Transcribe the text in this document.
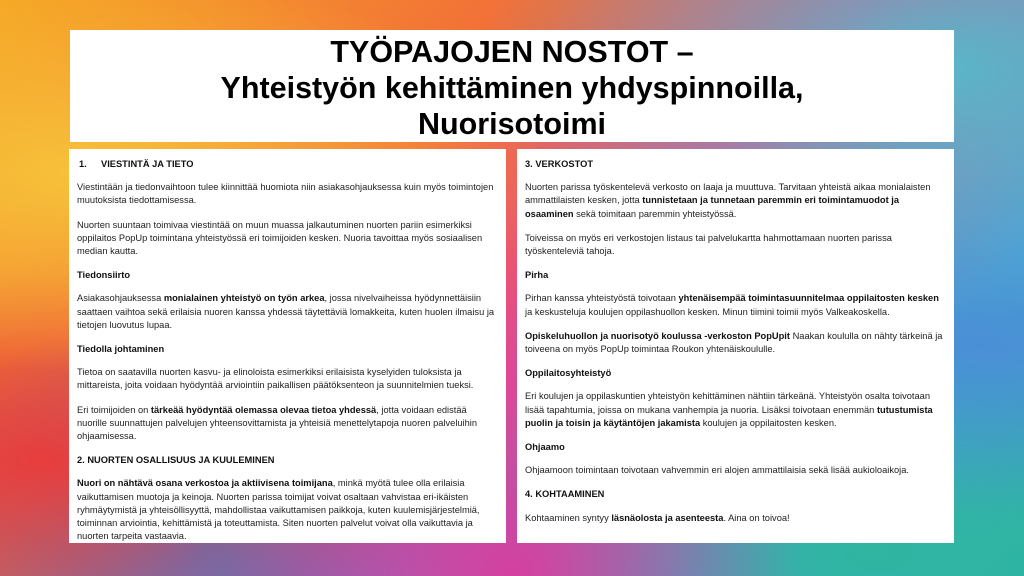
TYÖPAJOJEN NOSTOT –
Yhteistyön kehittäminen yhdyspinnoilla,
Nuorisotoimi

1. VIESTINTÄ JA TIETO

Viestintään ja tiedonvaihtoon tulee kiinnittää huomiota niin asiakasohjauksessa kuin myös toimintojen muutoksista tiedottamisessa.

Nuorten suuntaan toimivaa viestintää on muun muassa jalkautuminen nuorten pariin esimerkiksi oppilaitos PopUp toimintana yhteistyössä eri toimijoiden kesken. Nuoria tavoittaa myös sosiaalisen median kautta.

Tiedonsiirto

Asiakasohjauksessa monialainen yhteistyö on työn arkea, jossa nivelvaiheissa hyödynnettäisiin saattaen vaihtoa sekä erilaisia nuoren kanssa yhdessä täytettäviä lomakkeita, kuten huolen ilmaisu ja tietojen luovutus lupaa.

Tiedolla johtaminen

Tietoa on saatavilla nuorten kasvu- ja elinoloista esimerkiksi erilaisista kyselyiden tuloksista ja mittareista, joita voidaan hyödyntää arviointiin paikallisen päätöksenteon ja suunnitelmien tueksi.

Eri toimijoiden on tärkeää hyödyntää olemassa olevaa tietoa yhdessä, jotta voidaan edistää nuorille suunnattujen palvelujen yhteensovittamista ja yhteisiä menettelytapoja nuoren palveluihin ohjaamisessa.

2. NUORTEN OSALLISUUS JA KUULEMINEN

Nuori on nähtävä osana verkostoa ja aktiivisena toimijana, minkä myötä tulee olla erilaisia vaikuttamisen muotoja ja keinoja. Nuorten parissa toimijat voivat osaltaan vahvistaa eri-ikäisten ryhmäytymistä ja yhteisöllisyyttä, mahdollistaa vaikuttamisen paikkoja, kuten kuulemisjärjestelmiä, toiminnan arviointia, kehittämistä ja toteuttamista. Siten nuorten palvelut voivat olla vaikuttavia ja nuorten tarpeita vastaavia.

3. VERKOSTOT

Nuorten parissa työskentelevä verkosto on laaja ja muuttuva. Tarvitaan yhteistä aikaa monialaisten ammattilaisten kesken, jotta tunnistetaan ja tunnetaan paremmin eri toimintamuodot ja osaaminen sekä toimitaan paremmin yhteistyössä.

Toiveissa on myös eri verkostojen listaus tai palvelukartta hahmottamaan nuorten parissa työskenteleviä tahoja.

Pirha

Pirhan kanssa yhteistyöstä toivotaan yhtenäisempää toimintasuunnitelmaa oppilaitosten kesken ja keskusteluja koulujen oppilashuollon kesken. Minun tiimini toimii myös Valkeakoskella.

Opiskeluhuollon ja nuorisotyö koulussa -verkoston PopUpit Naakan koululla on nähty tärkeinä ja toiveena on myös PopUp toimintaa Roukon yhtenäiskoululle.

Oppilaitosyhteistyö

Eri koulujen ja oppilaskuntien yhteistyön kehittäminen nähtiin tärkeänä. Yhteistyön osalta toivotaan lisää tapahtumia, joissa on mukana vanhempia ja nuoria. Lisäksi toivotaan enemmän tutustumista puolin ja toisin ja käytäntöjen jakamista koulujen ja oppilaitosten kesken.

Ohjaamo

Ohjaamoon toimintaan toivotaan vahvemmin eri alojen ammattilaisia sekä lisää aukioloaikoja.

4. KOHTAAMINEN

Kohtaaminen syntyy läsnäolosta ja asenteesta. Aina on toivoa!
